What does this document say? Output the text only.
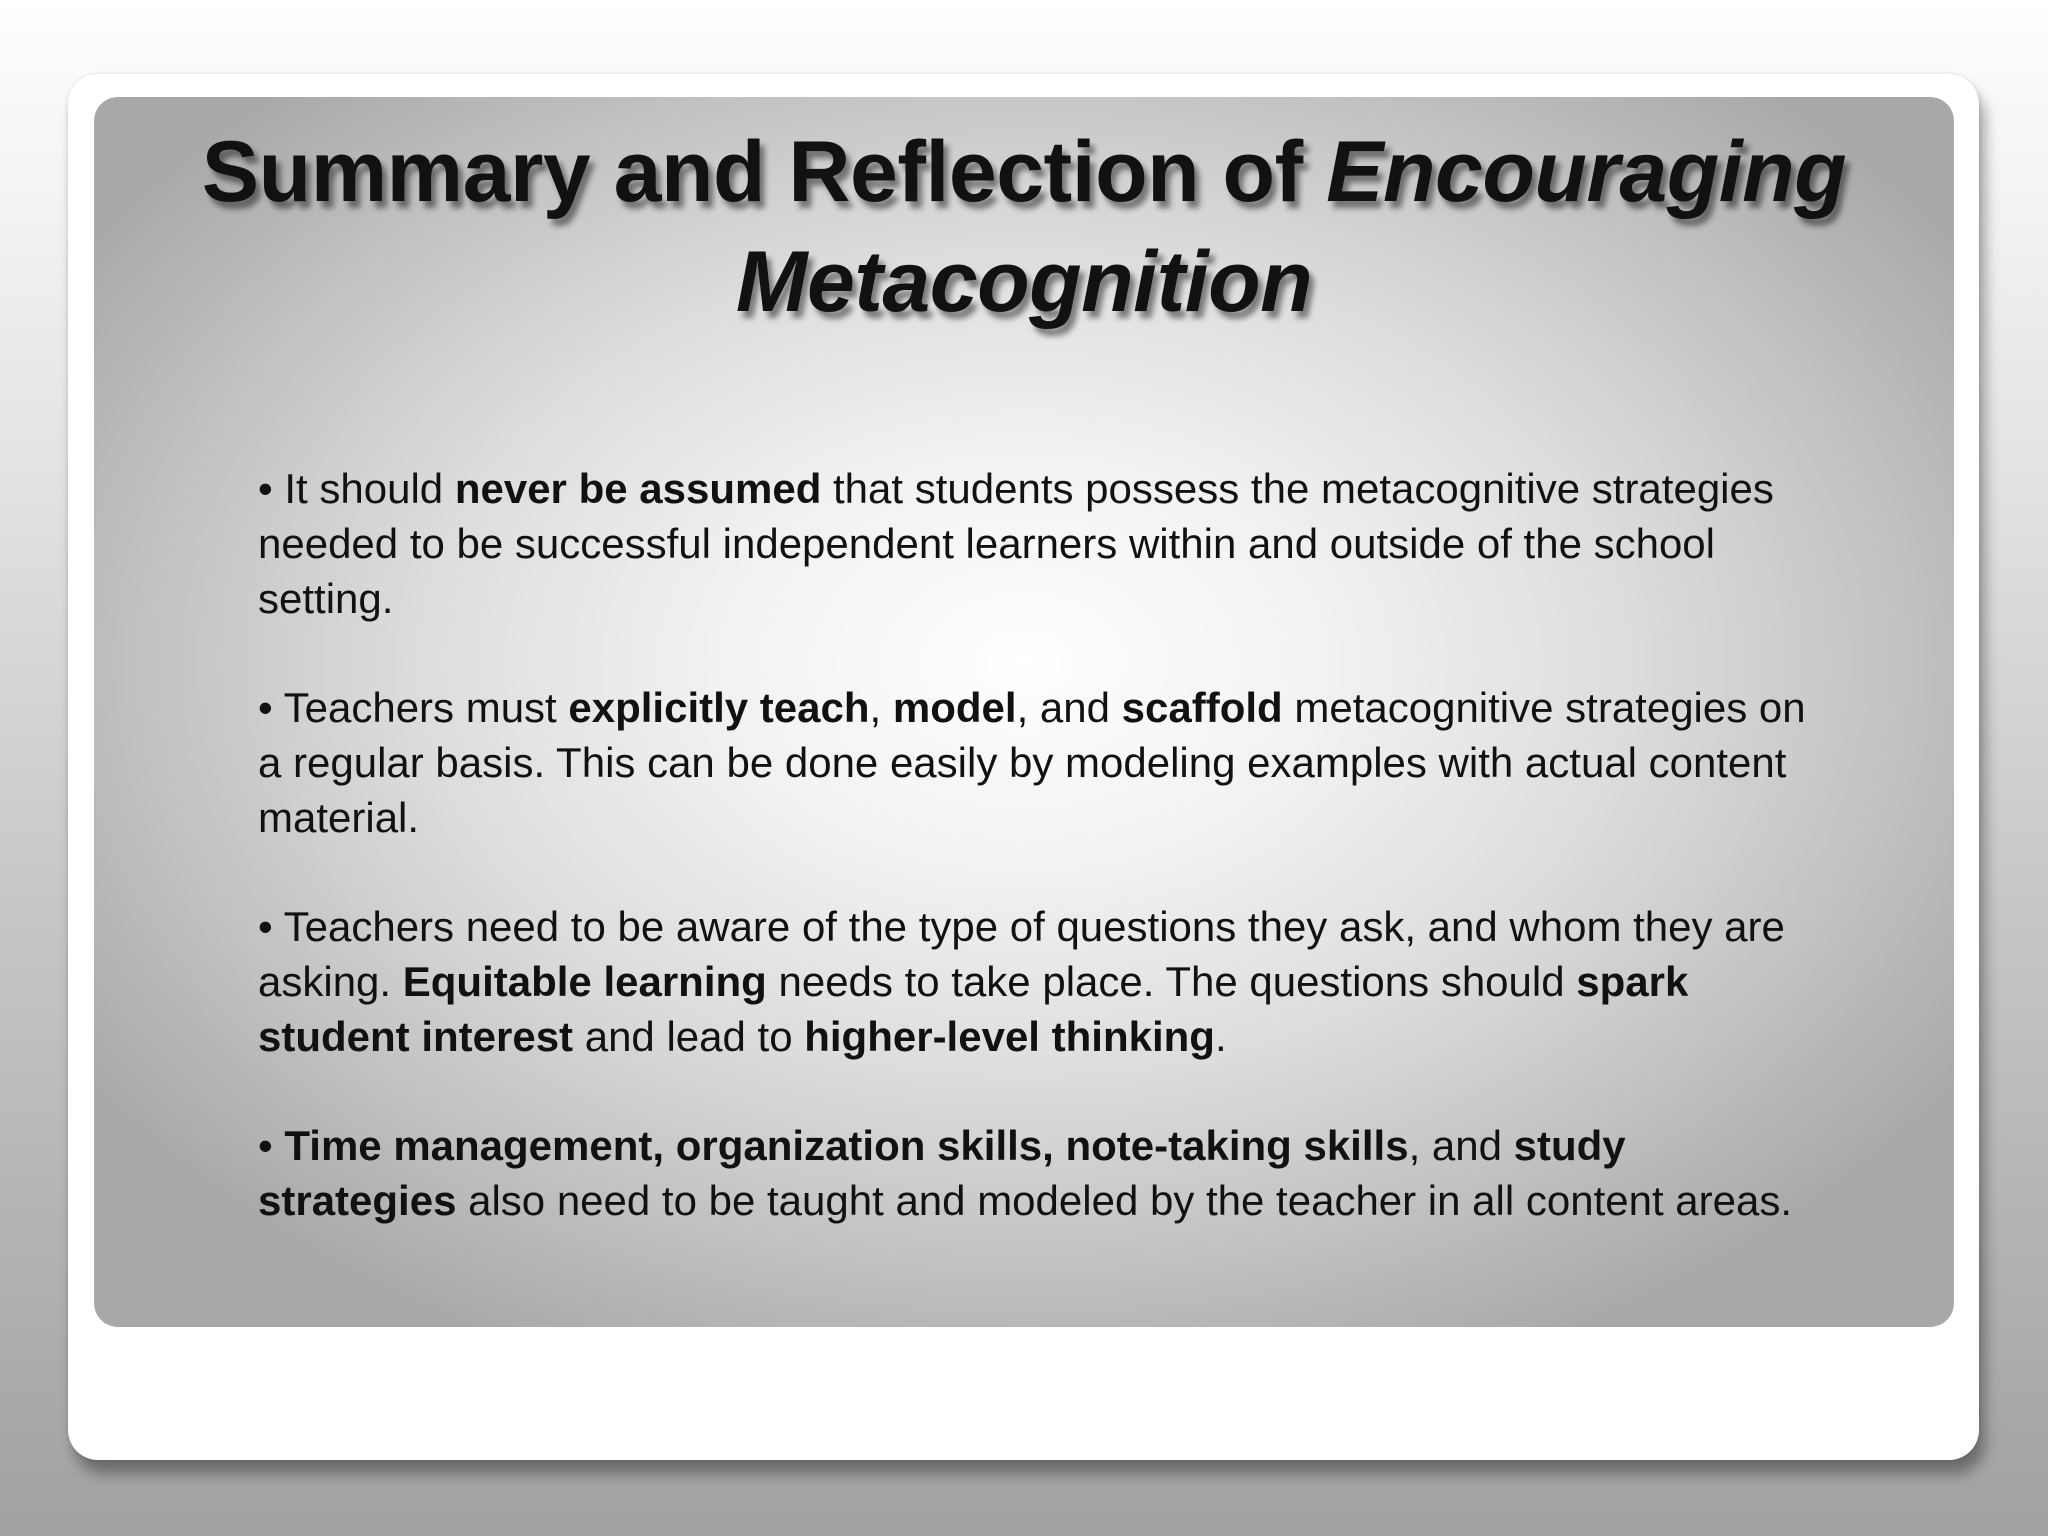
Summary and Reflection of Encouraging Metacognition
• It should never be assumed that students possess the metacognitive strategies needed to be successful independent learners within and outside of the school setting.
• Teachers must explicitly teach, model, and scaffold metacognitive strategies on a regular basis. This can be done easily by modeling examples with actual content material.
• Teachers need to be aware of the type of questions they ask, and whom they are asking. Equitable learning needs to take place. The questions should spark student interest and lead to higher-level thinking.
• Time management, organization skills, note-taking skills, and study strategies also need to be taught and modeled by the teacher in all content areas.
